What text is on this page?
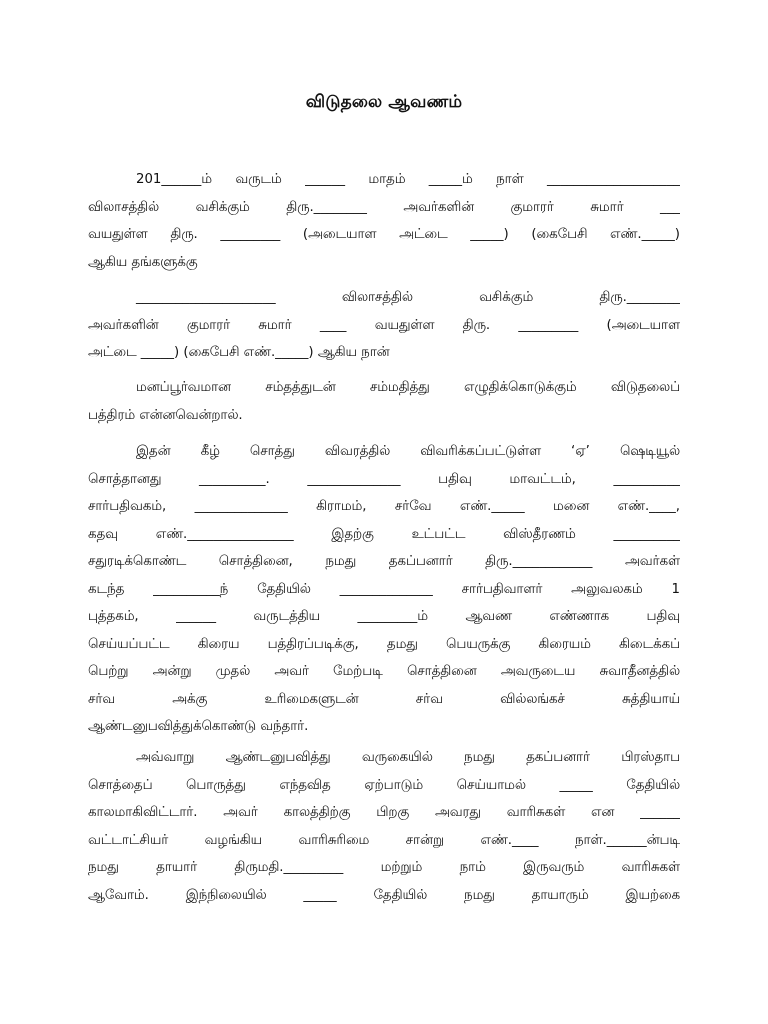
விடுதலை ஆவணம்
201______ம் வருடம் ______ மாதம் _____ம் நாள் ____________________
விலாசத்தில் வசிக்கும் திரு.________ அவர்களின் குமாரர் சுமார் ___
வயதுள்ள திரு. _________ (அடையாள அட்டை _____) (கைபேசி எண்._____)
ஆகிய தங்களுக்கு
_____________________ விலாசத்தில் வசிக்கும் திரு.________
அவர்களின் குமாரர் சுமார் ____ வயதுள்ள திரு. _________ (அடையாள
அட்டை _____) (கைபேசி எண்._____) ஆகிய நான்
மனப்பூர்வமான சம்தத்துடன் சம்மதித்து எழுதிக்கொடுக்கும் விடுதலைப்
பத்திரம் என்னவென்றால்.
இதன் கீழ் சொத்து விவரத்தில் விவரிக்கப்பட்டுள்ள ‘ஏ’ ஷெடியூல்
சொத்தானது __________. ______________ பதிவு மாவட்டம், __________
சார்பதிவகம், ______________ கிராமம், சர்வே எண்._____ மனை எண்.____,
கதவு எண்.________________ இதற்கு உட்பட்ட விஸ்தீரணம் __________
சதுரடிக்கொண்ட சொத்தினை, நமது தகப்பனார் திரு.____________ அவர்கள்
கடந்த __________ந் தேதியில் ______________ சார்பதிவாளர் அலுவலகம் 1
புத்தகம், ______ வருடத்திய _________ம் ஆவண எண்ணாக பதிவு
செய்யப்பட்ட கிரைய பத்திரப்படிக்கு, தமது பெயருக்கு கிரையம் கிடைக்கப்
பெற்று அன்று முதல் அவர் மேற்படி சொத்தினை அவருடைய சுவாதீனத்தில்
சர்வ அக்கு உரிமைகளுடன் சர்வ வில்லங்கச் சுத்தியாய்
ஆண்டனுபவித்துக்கொண்டு வந்தார்.
அவ்வாறு ஆண்டனுபவித்து வருகையில் நமது தகப்பனார் பிரஸ்தாப
சொத்தைப் பொருத்து எந்தவித ஏற்பாடும் செய்யாமல் _____ தேதியில்
காலமாகிவிட்டார். அவர் காலத்திற்கு பிறகு அவரது வாரிசுகள் என ______
வட்டாட்சியர் வழங்கிய வாரிசுரிமை சான்று எண்.____ நாள்.______ன்படி
நமது தாயார் திருமதி._________ மற்றும் நாம் இருவரும் வாரிசுகள்
ஆவோம். இந்நிலையில் _____ தேதியில் நமது தாயாரும் இயற்கை
